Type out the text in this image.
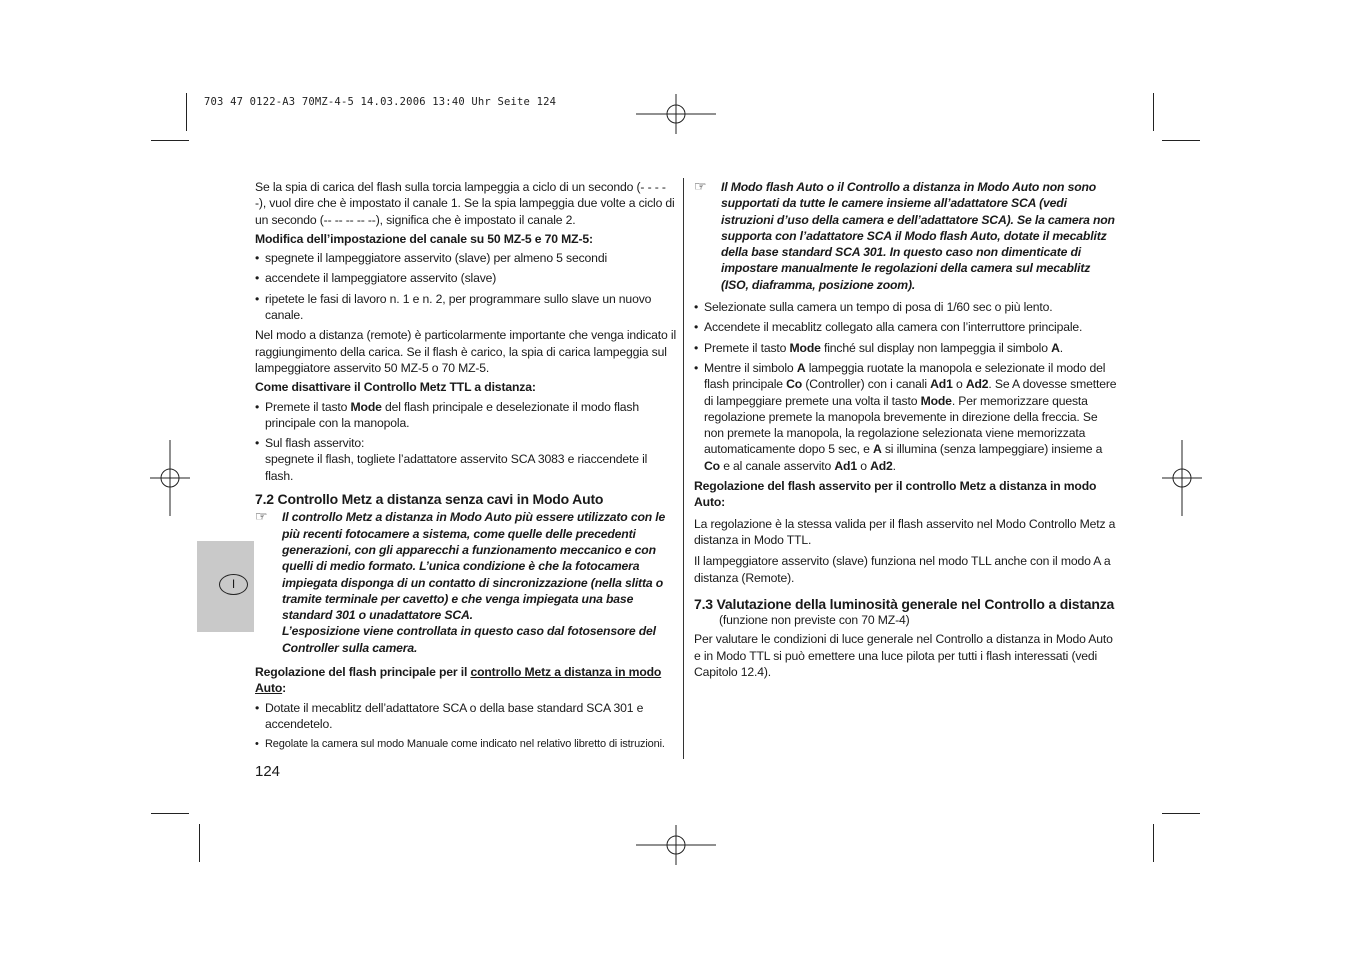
703 47 0122-A3 70MZ-4-5 14.03.2006 13:40 Uhr Seite 124
I

Se la spia di carica del flash sulla torcia lampeggia a ciclo di un secondo (- - - - -), vuol dire che è impostato il canale 1. Se la spia lampeggia due volte a ciclo di un secondo (-- -- -- -- --), significa che è impostato il canale 2.

Modifica dell’impostazione del canale su 50 MZ-5 e 70 MZ-5:

• spegnete il lampeggiatore asservito (slave) per almeno 5 secondi
• accendete il lampeggiatore asservito (slave)
• ripetete le fasi di lavoro n. 1 e n. 2, per programmare sullo slave un nuovo canale.

Nel modo a distanza (remote) è particolarmente importante che venga indicato il raggiungimento della carica. Se il flash è carico, la spia di carica lampeggia sul lampeggiatore asservito 50 MZ-5 o 70 MZ-5.

Come disattivare il Controllo Metz TTL a distanza:

• Premete il tasto Mode del flash principale e deselezionate il modo flash principale con la manopola.
• Sul flash asservito:
spegnete il flash, togliete l’adattatore asservito SCA 3083 e riaccendete il flash.
7.2 Controllo Metz a distanza senza cavi in Modo Auto
☞ Il controllo Metz a distanza in Modo Auto più essere utilizzato con le più recenti fotocamere a sistema, come quelle delle precedenti generazioni, con gli apparecchi a funzionamento meccanico e con quelli di medio formato. L’unica condizione è che la fotocamera impiegata disponga di un contatto di sincronizzazione (nella slitta o tramite terminale per cavetto) e che venga impiegata una base standard 301 o unadattatore SCA.
L’esposizione viene controllata in questo caso dal fotosensore del Controller sulla camera.

Regolazione del flash principale per il controllo Metz a distanza in modo Auto:

• Dotate il mecablitz dell’adattatore SCA o della base standard SCA 301 e accendetelo.
• Regolate la camera sul modo Manuale come indicato nel relativo libretto di istruzioni.
☞ Il Modo flash Auto o il Controllo a distanza in Modo Auto non sono supportati da tutte le camere insieme all’adattatore SCA (vedi istruzioni d’uso della camera e dell’adattatore SCA). Se la camera non supporta con l’adattatore SCA il Modo flash Auto, dotate il mecablitz della base standard SCA 301. In questo caso non dimenticate di impostare manualmente le regolazioni della camera sul mecablitz (ISO, diaframma, posizione zoom).
• Selezionate sulla camera un tempo di posa di 1/60 sec o più lento.
• Accendete il mecablitz collegato alla camera con l’interruttore principale.
• Premete il tasto Mode finché sul display non lampeggia il simbolo A.
• Mentre il simbolo A lampeggia ruotate la manopola e selezionate il modo del flash principale Co (Controller) con i canali Ad1 o Ad2. Se A dovesse smettere di lampeggiare premete una volta il tasto Mode. Per memorizzare questa regolazione premete la manopola brevemente in direzione della freccia. Se non premete la manopola, la regolazione selezionata viene memorizzata automaticamente dopo 5 sec, e A si illumina (senza lampeggiare) insieme a Co e al canale asservito Ad1 o Ad2.

Regolazione del flash asservito per il controllo Metz a distanza in modo Auto:

La regolazione è la stessa valida per il flash asservito nel Modo Controllo Metz a distanza in Modo TTL.

Il lampeggiatore asservito (slave) funziona nel modo TLL anche con il modo A a distanza (Remote).

7.3 Valutazione della luminosità generale nel Controllo a distanza

(funzione non previste con 70 MZ-4)

Per valutare le condizioni di luce generale nel Controllo a distanza in Modo Auto e in Modo TTL si può emettere una luce pilota per tutti i flash interessati (vedi Capitolo 12.4).

124
